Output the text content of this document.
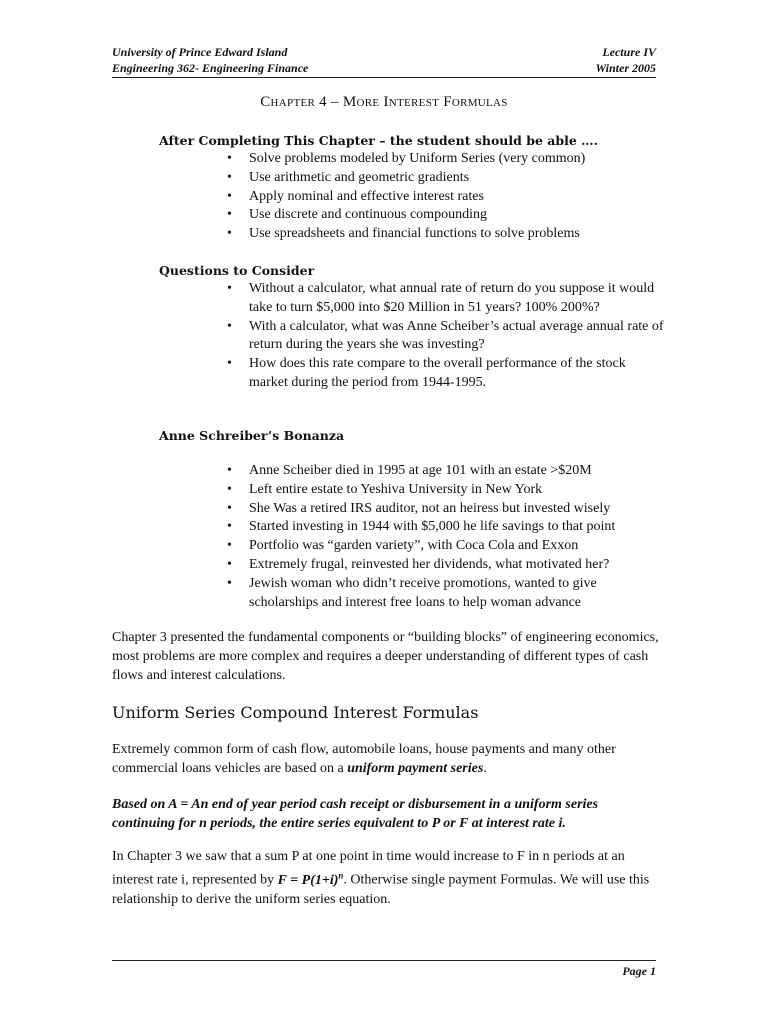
University of Prince Edward Island	Lecture IV
Engineering 362- Engineering Finance	Winter 2005
Chapter 4 – More Interest Formulas
After Completing This Chapter – the student should be able ….
• Solve problems modeled by Uniform Series (very common)
• Use arithmetic and geometric gradients
• Apply nominal and effective interest rates
• Use discrete and continuous compounding
• Use spreadsheets and financial functions to solve problems
Questions to Consider
• Without a calculator, what annual rate of return do you suppose it would take to turn $5,000 into $20 Million in 51 years? 100% 200%?
• With a calculator, what was Anne Scheiber’s actual average annual rate of return during the years she was investing?
• How does this rate compare to the overall performance of the stock market during the period from 1944-1995.
Anne Schreiber’s Bonanza
• Anne Scheiber died in 1995 at age 101 with an estate >$20M
• Left entire estate to Yeshiva University in New York
• She Was a retired IRS auditor, not an heiress but invested wisely
• Started investing in 1944 with $5,000 he life savings to that point
• Portfolio was “garden variety”, with Coca Cola and Exxon
• Extremely frugal, reinvested her dividends, what motivated her?
• Jewish woman who didn’t receive promotions, wanted to give scholarships and interest free loans to help woman advance
Chapter 3 presented the fundamental components or “building blocks” of engineering economics, most problems are more complex and requires a deeper understanding of different types of cash flows and interest calculations.
Uniform Series Compound Interest Formulas
Extremely common form of cash flow, automobile loans, house payments and many other commercial loans vehicles are based on a uniform payment series.
Based on A = An end of year period cash receipt or disbursement in a uniform series continuing for n periods, the entire series equivalent to P or F at interest rate i.
In Chapter 3 we saw that a sum P at one point in time would increase to F in n periods at an interest rate i, represented by $F = P(1+i)^n$. Otherwise single payment Formulas. We will use this relationship to derive the uniform series equation.
Page 1
